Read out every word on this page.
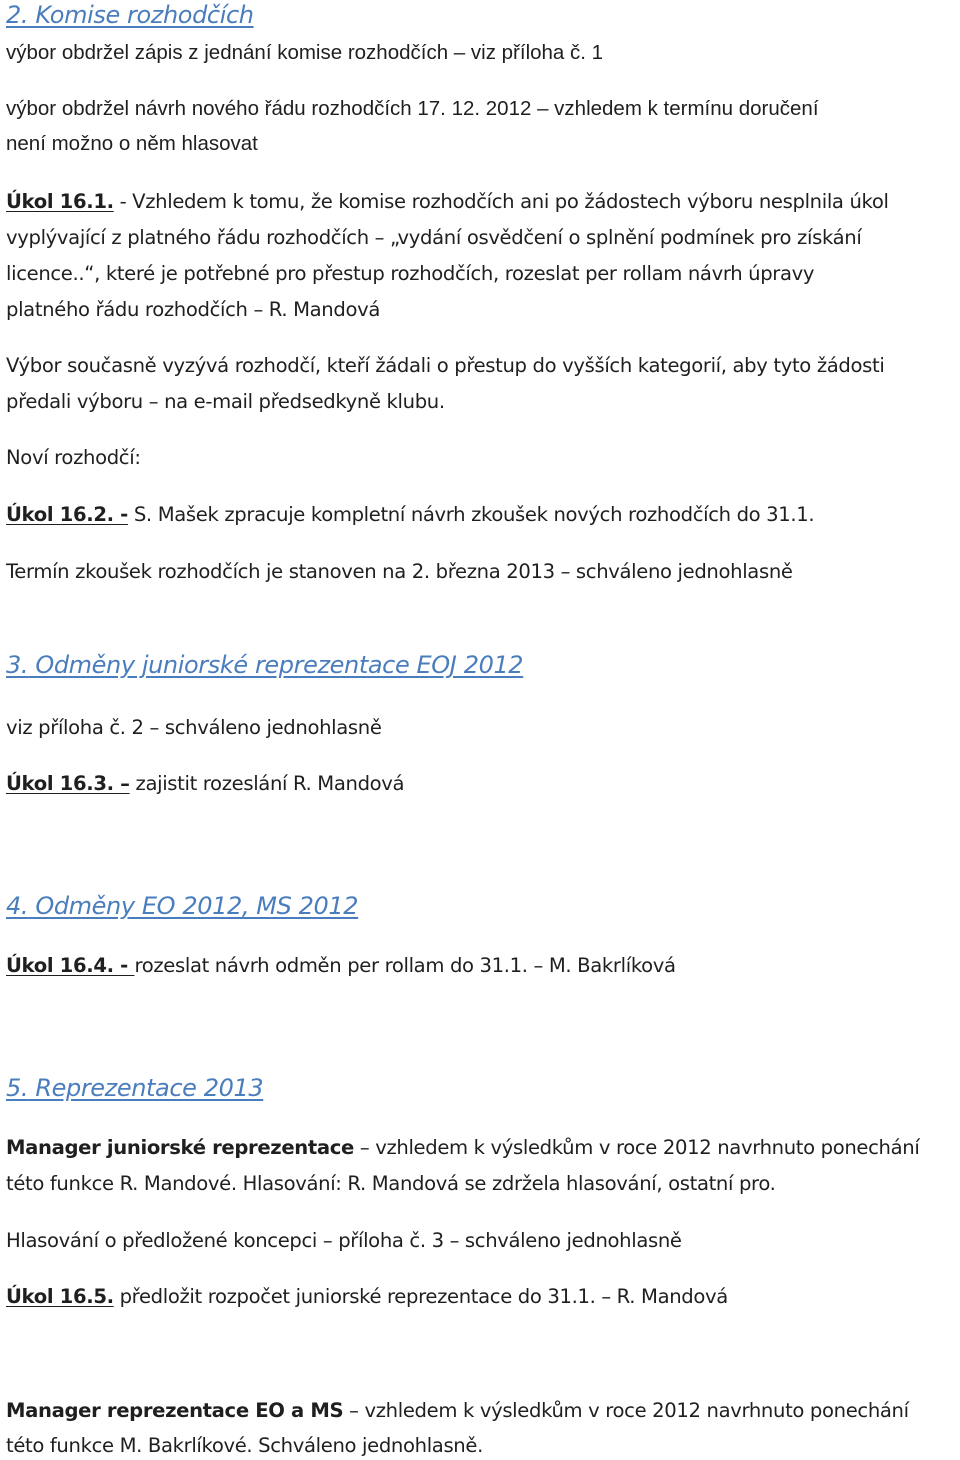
2. Komise rozhodčích
výbor obdržel zápis z jednání komise rozhodčích – viz příloha č. 1
výbor obdržel návrh nového řádu rozhodčích 17. 12. 2012 – vzhledem k termínu doručení
není možno o něm hlasovat
Úkol 16.1. - Vzhledem k tomu, že komise rozhodčích ani po žádostech výboru nesplnila úkol
vyplývající z platného řádu rozhodčích – „vydání osvědčení o splnění podmínek pro získání
licence..“, které je potřebné pro přestup rozhodčích, rozeslat per rollam návrh úpravy
platného řádu rozhodčích – R. Mandová
Výbor současně vyzývá rozhodčí, kteří žádali o přestup do vyšších kategorií, aby tyto žádosti
předali výboru – na e-mail předsedkyně klubu.
Noví rozhodčí:
Úkol 16.2. - S. Mašek zpracuje kompletní návrh zkoušek nových rozhodčích do 31.1.
Termín zkoušek rozhodčích je stanoven na 2. března 2013 – schváleno jednohlasně
3. Odměny juniorské reprezentace EOJ 2012
viz příloha č. 2 – schváleno jednohlasně
Úkol 16.3. – zajistit rozeslání R. Mandová
4. Odměny EO 2012, MS 2012
Úkol 16.4. - rozeslat návrh odměn per rollam do 31.1. – M. Bakrlíková
5. Reprezentace 2013
Manager juniorské reprezentace – vzhledem k výsledkům v roce 2012 navrhnuto ponechání
této funkce R. Mandové. Hlasování: R. Mandová se zdržela hlasování, ostatní pro.
Hlasování o předložené koncepci – příloha č. 3 – schváleno jednohlasně
Úkol 16.5. předložit rozpočet juniorské reprezentace do 31.1. – R. Mandová
Manager reprezentace EO a MS – vzhledem k výsledkům v roce 2012 navrhnuto ponechání
této funkce M. Bakrlíkové. Schváleno jednohlasně.
